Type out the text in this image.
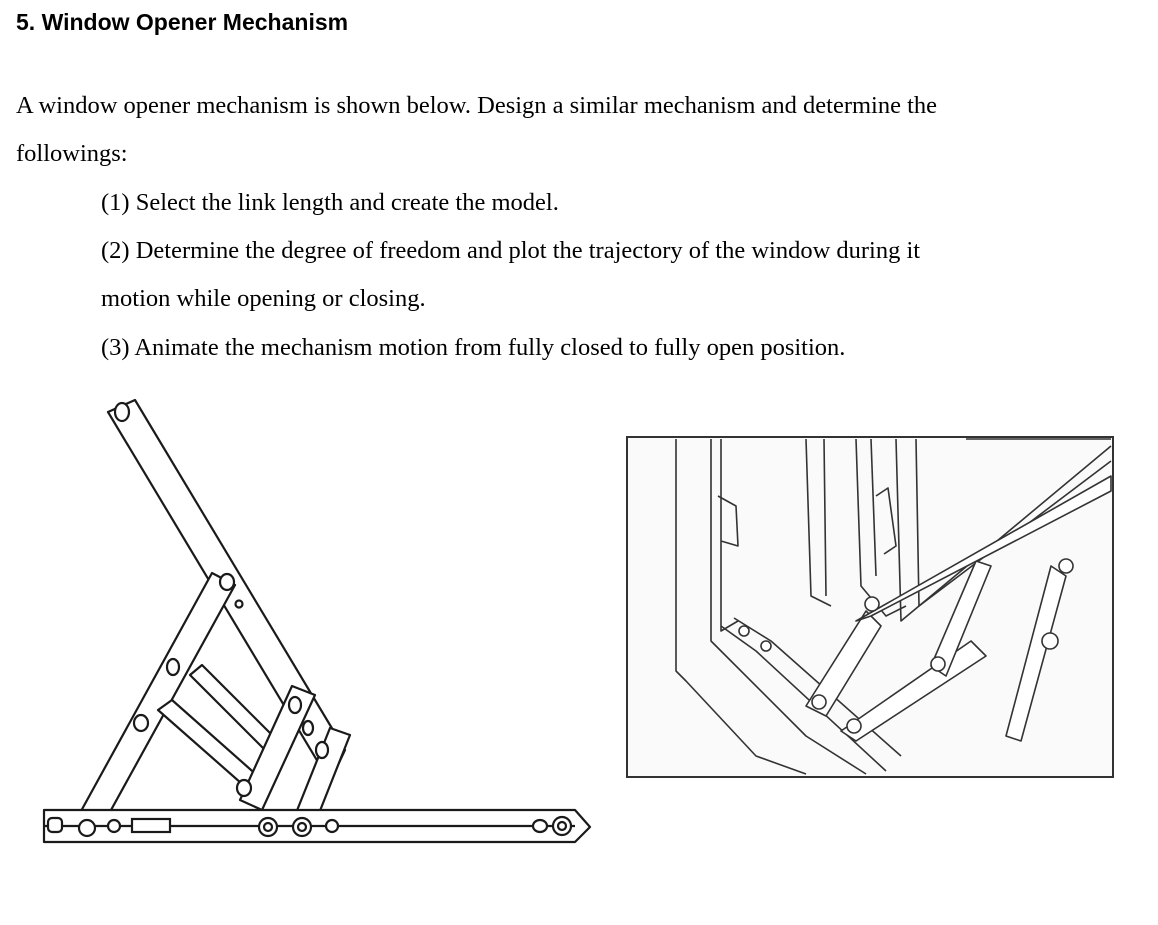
5. Window Opener Mechanism
A window opener mechanism is shown below. Design a similar mechanism and determine the
followings:
(1) Select the link length and create the model.
(2) Determine the degree of freedom and plot the trajectory of the window during it
motion while opening or closing.
(3) Animate the mechanism motion from fully closed to fully open position.
